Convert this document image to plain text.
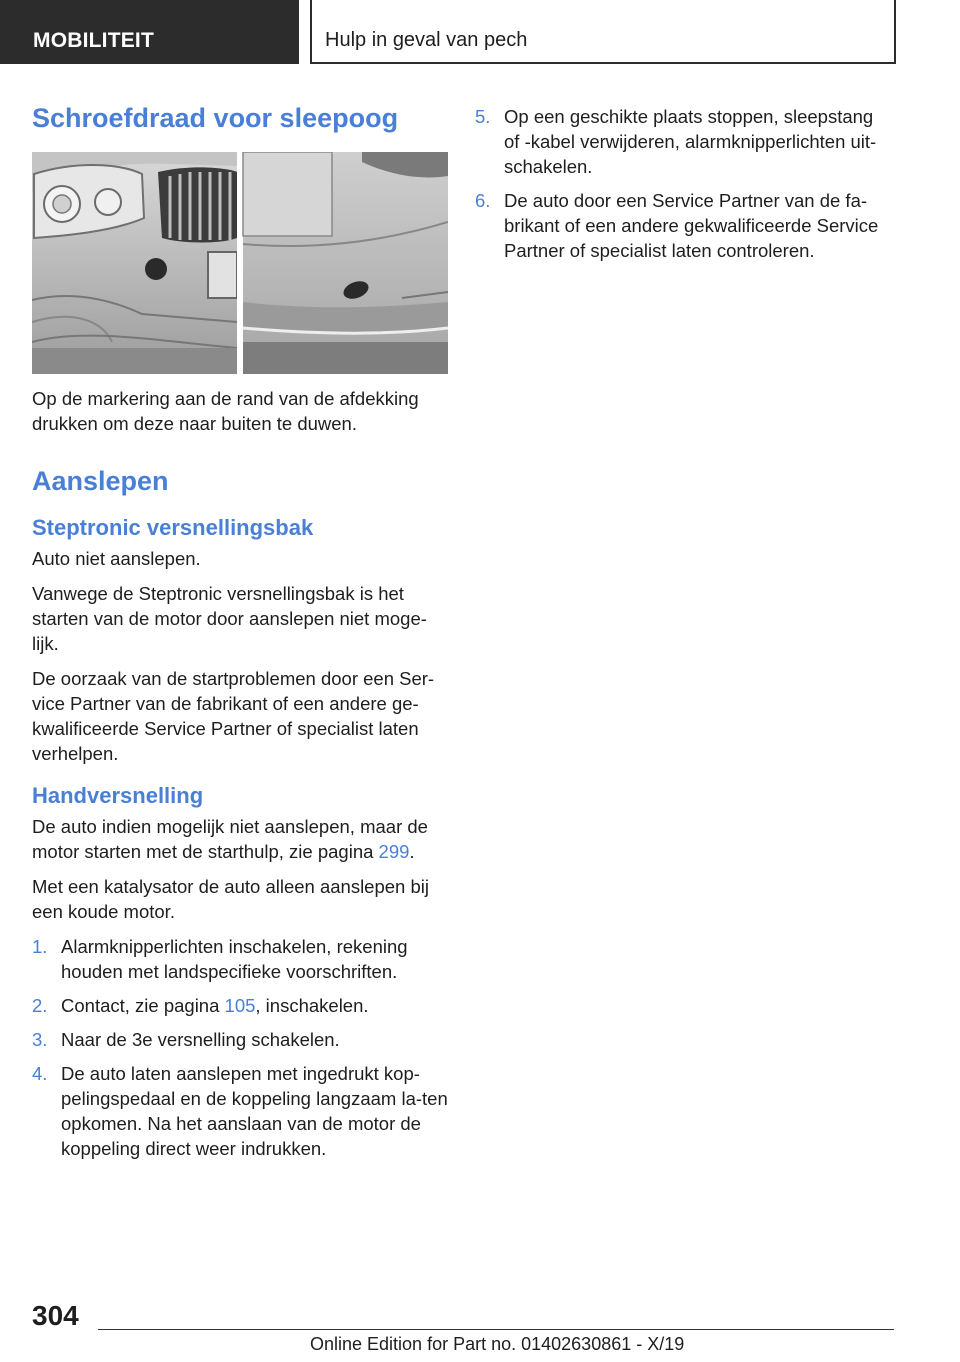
MOBILITEIT	Hulp in geval van pech
Schroefdraad voor sleepoog

Op de markering aan de rand van de afdekking drukken om deze naar buiten te duwen.

Aanslepen
Steptronic versnellingsbak

Auto niet aanslepen.

Vanwege de Steptronic versnellingsbak is het starten van de motor door aanslepen niet moge-lijk.

De oorzaak van de startproblemen door een Ser-vice Partner van de fabrikant of een andere ge-kwalificeerde Service Partner of specialist laten verhelpen.

Handversnelling

De auto indien mogelijk niet aanslepen, maar de motor starten met de starthulp, zie pagina 299.

Met een katalysator de auto alleen aanslepen bij een koude motor.

1. Alarmknipperlichten inschakelen, rekening houden met landspecifieke voorschriften.
2. Contact, zie pagina 105, inschakelen.
3. Naar de 3e versnelling schakelen.
4. De auto laten aanslepen met ingedrukt kop-pelingspedaal en de koppeling langzaam la-ten opkomen. Na het aanslaan van de motor de koppeling direct weer indrukken.
5. Op een geschikte plaats stoppen, sleepstang of -kabel verwijderen, alarmknipperlichten uit-schakelen.
6. De auto door een Service Partner van de fa-brikant of een andere gekwalificeerde Service Partner of specialist laten controleren.
304
Online Edition for Part no. 01402630861 - X/19
